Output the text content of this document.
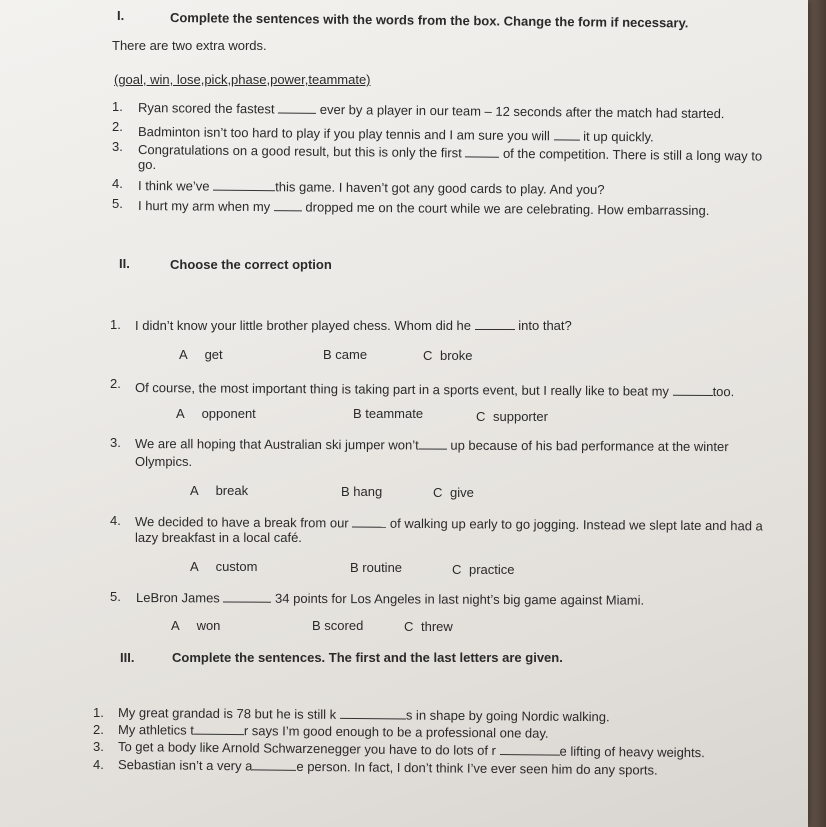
I.	Complete the sentences with the words from the box. Change the form if necessary.
There are two extra words.
(goal, win, lose,pick,phase,power,teammate)
1. Ryan scored the fastest	ever by a player in our team – 12 seconds after the match had started.
2. Badminton isn’t too hard to play if you play tennis and I am sure you will	it up quickly.
3. Congratulations on a good result, but this is only the first	of the competition. There is still a long way to
go.
4. I think we’ve	this game. I haven’t got any good cards to play. And you?
5. I hurt my arm when my	dropped me on the court while we are celebrating. How embarrassing.
II.	Choose the correct option
1. I didn’t know your little brother played chess. Whom did he	into that?
A get	B came	C broke
2. Of course, the most important thing is taking part in a sports event, but I really like to beat my	too.
A opponent	B teammate	C supporter
3. We are all hoping that Australian ski jumper won’t up because of his bad performance at the winter
Olympics.
A break	B hang	C give
4. We decided to have a break from our	of walking up early to go jogging. Instead we slept late and had a
lazy breakfast in a local café.
A custom	B routine	C practice
5. LeBron James	34 points for Los Angeles in last night’s big game against Miami.
A won	B scored	C threw
III.	Complete the sentences. The first and the last letters are given.
1. My great grandad is 78 but he is still k	s in shape by going Nordic walking.
2. My athletics t	r says I’m good enough to be a professional one day.
3. To get a body like Arnold Schwarzenegger you have to do lots of r	e lifting of heavy weights.
4. Sebastian isn’t a very a	e person. In fact, I don’t think I’ve ever seen him do any sports.
